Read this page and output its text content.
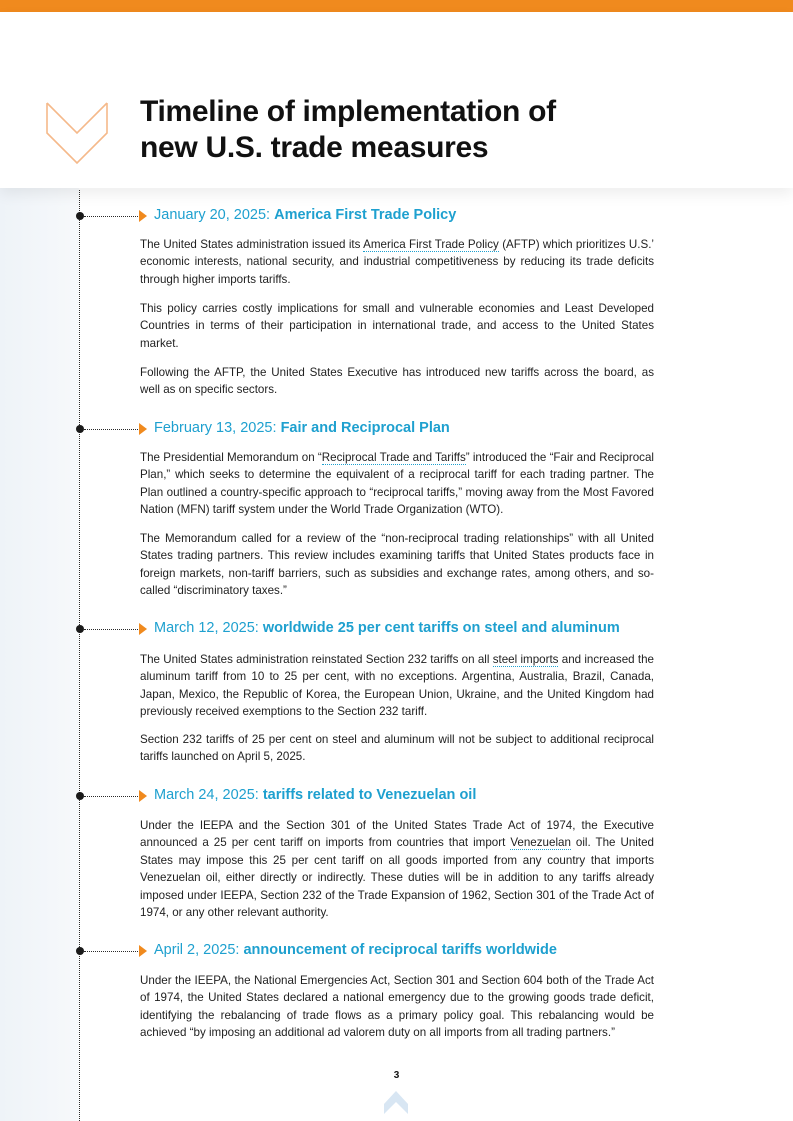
Timeline of implementation of
new U.S. trade measures
January 20, 2025: America First Trade Policy

The United States administration issued its America First Trade Policy (AFTP) which prioritizes U.S.’ economic interests, national security, and industrial competitiveness by reducing its trade deficits through higher imports tariffs.

This policy carries costly implications for small and vulnerable economies and Least Developed Countries in terms of their participation in international trade, and access to the United States market.

Following the AFTP, the United States Executive has introduced new tariffs across the board, as well as on specific sectors.

February 13, 2025: Fair and Reciprocal Plan

The Presidential Memorandum on “Reciprocal Trade and Tariffs” introduced the “Fair and Reciprocal Plan,” which seeks to determine the equivalent of a reciprocal tariff for each trading partner. The Plan outlined a country-specific approach to “reciprocal tariffs,” moving away from the Most Favored Nation (MFN) tariff system under the World Trade Organization (WTO).

The Memorandum called for a review of the “non-reciprocal trading relationships” with all United States trading partners. This review includes examining tariffs that United States products face in foreign markets, non-tariff barriers, such as subsidies and exchange rates, among others, and so-called “discriminatory taxes.”

March 12, 2025: worldwide 25 per cent tariffs on steel and aluminum

The United States administration reinstated Section 232 tariffs on all steel imports and increased the aluminum tariff from 10 to 25 per cent, with no exceptions. Argentina, Australia, Brazil, Canada, Japan, Mexico, the Republic of Korea, the European Union, Ukraine, and the United Kingdom had previously received exemptions to the Section 232 tariff.

Section 232 tariffs of 25 per cent on steel and aluminum will not be subject to additional reciprocal tariffs launched on April 5, 2025.

March 24, 2025: tariffs related to Venezuelan oil

Under the IEEPA and the Section 301 of the United States Trade Act of 1974, the Executive announced a 25 per cent tariff on imports from countries that import Venezuelan oil. The United States may impose this 25 per cent tariff on all goods imported from any country that imports Venezuelan oil, either directly or indirectly. These duties will be in addition to any tariffs already imposed under IEEPA, Section 232 of the Trade Expansion of 1962, Section 301 of the Trade Act of 1974, or any other relevant authority.

April 2, 2025: announcement of reciprocal tariffs worldwide

Under the IEEPA, the National Emergencies Act, Section 301 and Section 604 both of the Trade Act of 1974, the United States declared a national emergency due to the growing goods trade deficit, identifying the rebalancing of trade flows as a primary policy goal. This rebalancing would be achieved “by imposing an additional ad valorem duty on all imports from all trading partners.”

3
